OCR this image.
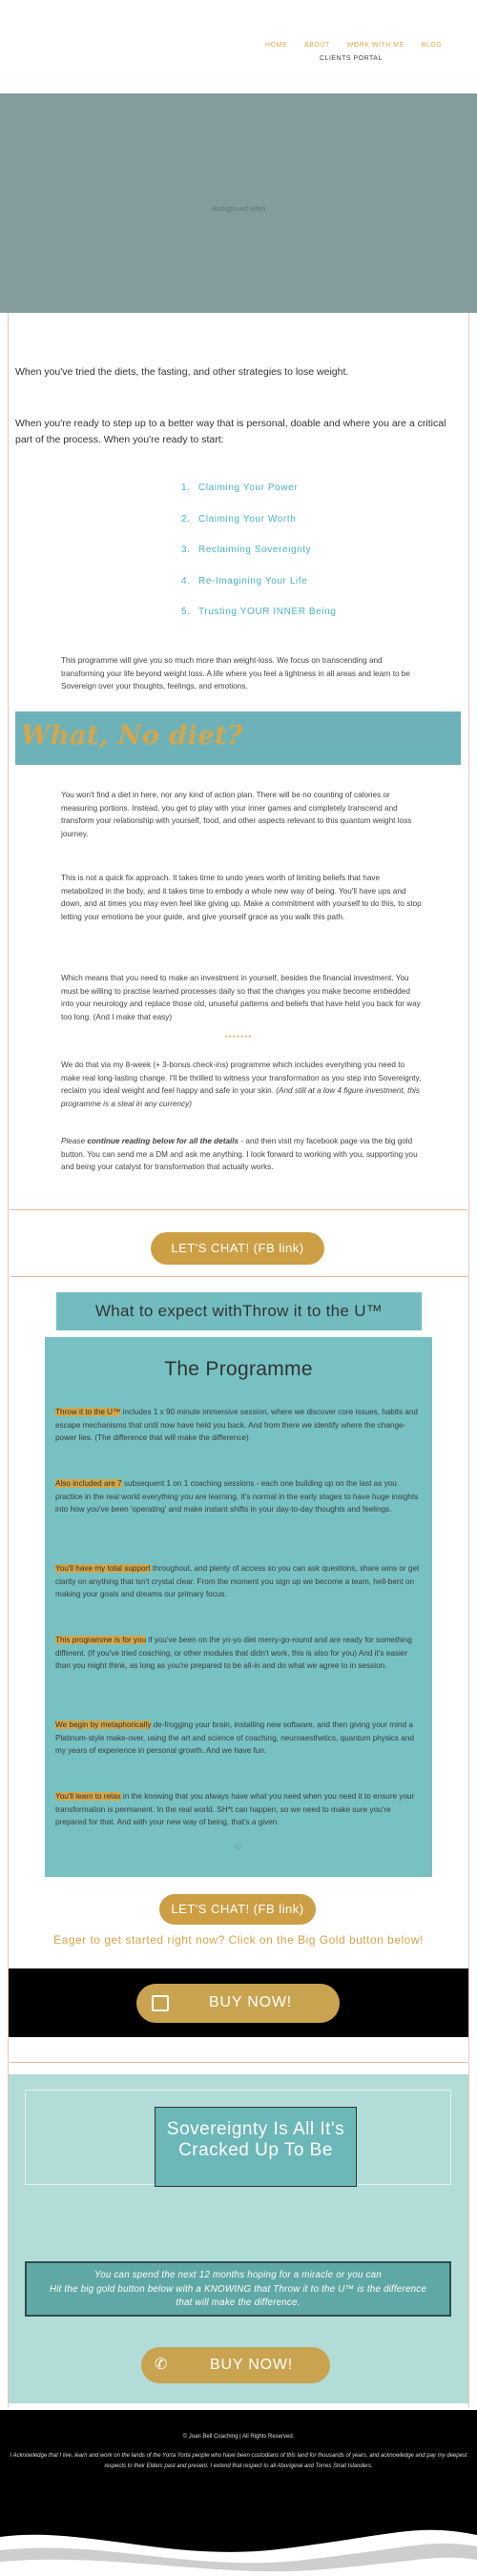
HOME	ABOUT	WORK WITH ME	BLOG
CLIENTS PORTAL
Background video

When you've tried the diets, the fasting, and other strategies to lose weight.

When you're ready to step up to a better way that is personal, doable and where you are a critical part of the process. When you're ready to start:

1. Claiming Your Power
2. Claiming Your Worth
3. Reclaiming Sovereignty
4. Re-Imagining Your Life
5. Trusting YOUR INNER Being

This programme will give you so much more than weight-loss. We focus on transcending and transforming your life beyond weight loss. A life where you feel a lightness in all areas and learn to be Sovereign over your thoughts, feelings, and emotions.

What, No diet?

You won't find a diet in here, nor any kind of action plan. There will be no counting of calories or measuring portions. Instead, you get to play with your inner games and completely transcend and transform your relationship with yourself, food, and other aspects relevant to this quantum weight loss journey.

This is not a quick fix approach. It takes time to undo years worth of limiting beliefs that have metabolized in the body, and it takes time to embody a whole new way of being. You'll have ups and down, and at times you may even feel like giving up. Make a commitment with yourself to do this, to stop letting your emotions be your guide, and give yourself grace as you walk this path.

Which means that you need to make an investment in yourself, besides the financial investment. You must be willing to practise learned processes daily so that the changes you make become embedded into your neurology and replace those old, unuseful patterns and beliefs that have held you back for way too long. (And I make that easy)

*******

We do that via my 8-week (+ 3-bonus check-ins) programme which includes everything you need to make real long-lasting change. I'll be thrilled to witness your transformation as you step into Sovereignty, reclaim you ideal weight and feel happy and safe in your skin. (And still at a low 4 figure investment, this programme is a steal in any currency)

Please continue reading below for all the details - and then visit my facebook page via the big gold button. You can send me a DM and ask me anything. I look forward to working with you, supporting you and being your catalyst for transformation that actually works.

LET'S CHAT! (FB link)
What to expect withThrow it to the U™
The Programme

Throw it to the U™ includes 1 x 90 minute immersive session, where we discover core issues, habits and escape mechanisms that until now have held you back. And from there we identify where the change-power lies. (The difference that will make the difference)

Also included are 7 subsequent 1 on 1 coaching sessions - each one building up on the last as you practice in the real world everything you are learning. It's normal in the early stages to have huge insights into how you've been 'operating' and make instant shifts in your day-to-day thoughts and feelings.

You'll have my total support throughout, and plenty of access so you can ask questions, share wins or get clarity on anything that isn't crystal clear. From the moment you sign up we become a team, hell-bent on making your goals and dreams our primary focus.

This programme is for you if you've been on the yo-yo diet merry-go-round and are ready for something different. (If you've tried coaching, or other modules that didn't work, this is also for you) And it's easier than you might think, as long as you're prepared to be all-in and do what we agree to in session.

We begin by metaphorically de-frogging your brain, installing new software, and then giving your mind a Platinum-style make-over, using the art and science of coaching, neuroaesthetics, quantum physics and my years of experience in personal growth. And we have fun.

You'll learn to relax in the knowing that you always have what you need when you need it to ensure your transformation is permanent. In the real world. SH*t can happen, so we need to make sure you're prepared for that. And with your new way of being, that's a given.

♡
LET'S CHAT! (FB link)
Eager to get started right now? Click on the Big Gold button below!
BUY NOW!
Sovereignty Is All It's Cracked Up To Be
You can spend the next 12 months hoping for a miracle or you can
Hit the big gold button below with a KNOWING that Throw it to the U™ is the difference
that will make the difference.
✆	BUY NOW!
© Joan Bell Coaching | All Rights Reserved.
I Acknowledge that I live, learn and work on the lands of the Yorta Yorta people who have been custodians of this land for thousands of years, and acknowledge and pay my deepest respects to their Elders past and present. I extend that respect to all Aboriginal and Torres Strait Islanders.
